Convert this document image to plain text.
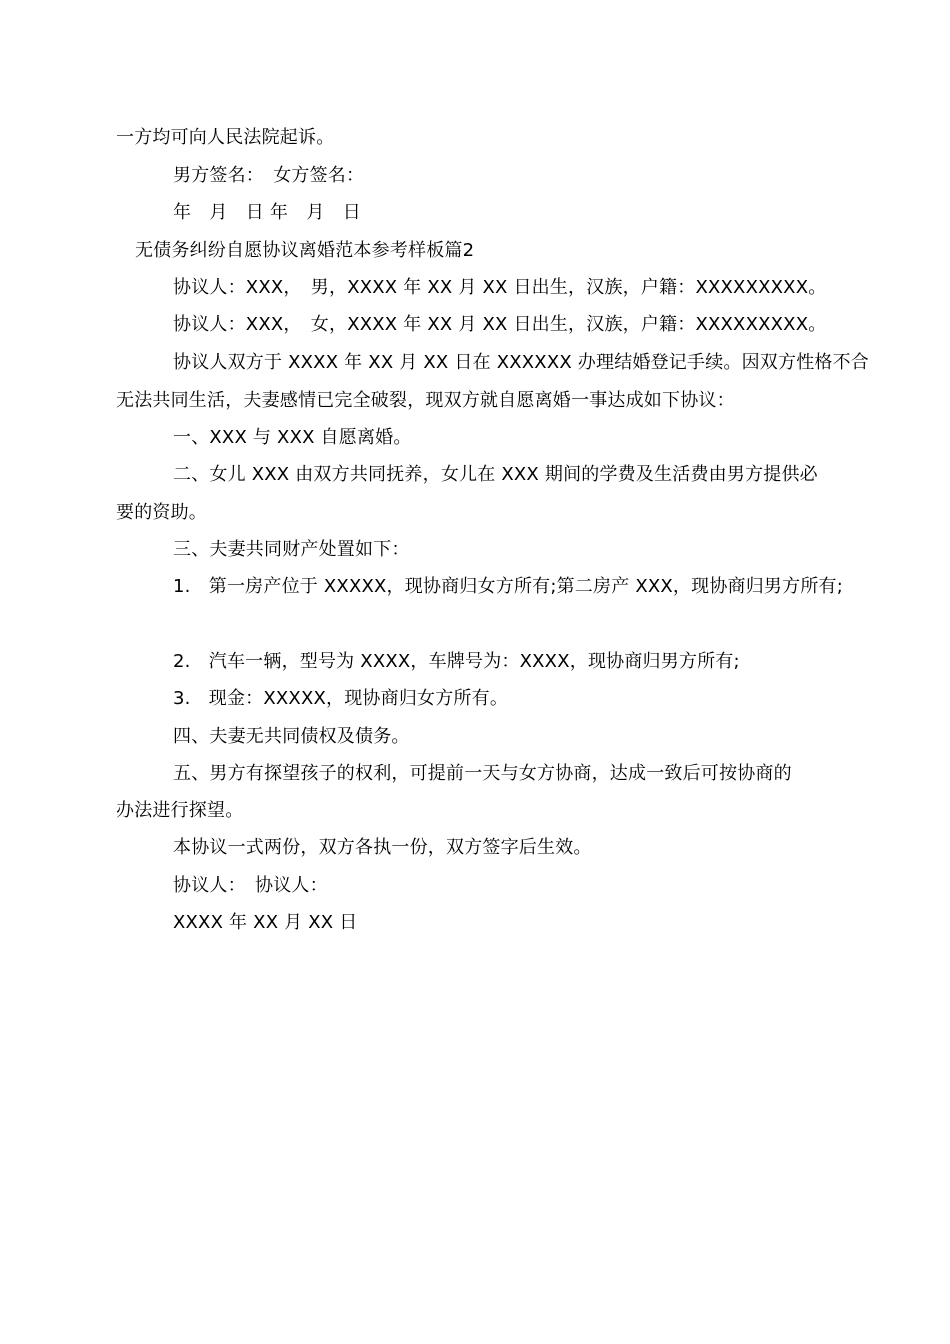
一方均可向人民法院起诉。
男方签名：　女方签名：
年　月　日 年　月　日
无债务纠纷自愿协议离婚范本参考样板篇2
协议人：XXX，　男，XXXX 年 XX 月 XX 日出生，汉族，户籍：XXXXXXXXX。
协议人：XXX，　女，XXXX 年 XX 月 XX 日出生，汉族，户籍：XXXXXXXXX。
协议人双方于 XXXX 年 XX 月 XX 日在 XXXXXX 办理结婚登记手续。因双方性格不合
无法共同生活，夫妻感情已完全破裂，现双方就自愿离婚一事达成如下协议：
一、XXX 与 XXX 自愿离婚。
二、女儿 XXX 由双方共同抚养，女儿在 XXX 期间的学费及生活费由男方提供必
要的资助。
三、夫妻共同财产处置如下：
1.　第一房产位于 XXXXX，现协商归女方所有;第二房产 XXX，现协商归男方所有;
2.　汽车一辆，型号为 XXXX，车牌号为：XXXX，现协商归男方所有;
3.　现金：XXXXX，现协商归女方所有。
四、夫妻无共同债权及债务。
五、男方有探望孩子的权利，可提前一天与女方协商，达成一致后可按协商的
办法进行探望。
本协议一式两份，双方各执一份，双方签字后生效。
协议人：　协议人：
XXXX 年 XX 月 XX 日
